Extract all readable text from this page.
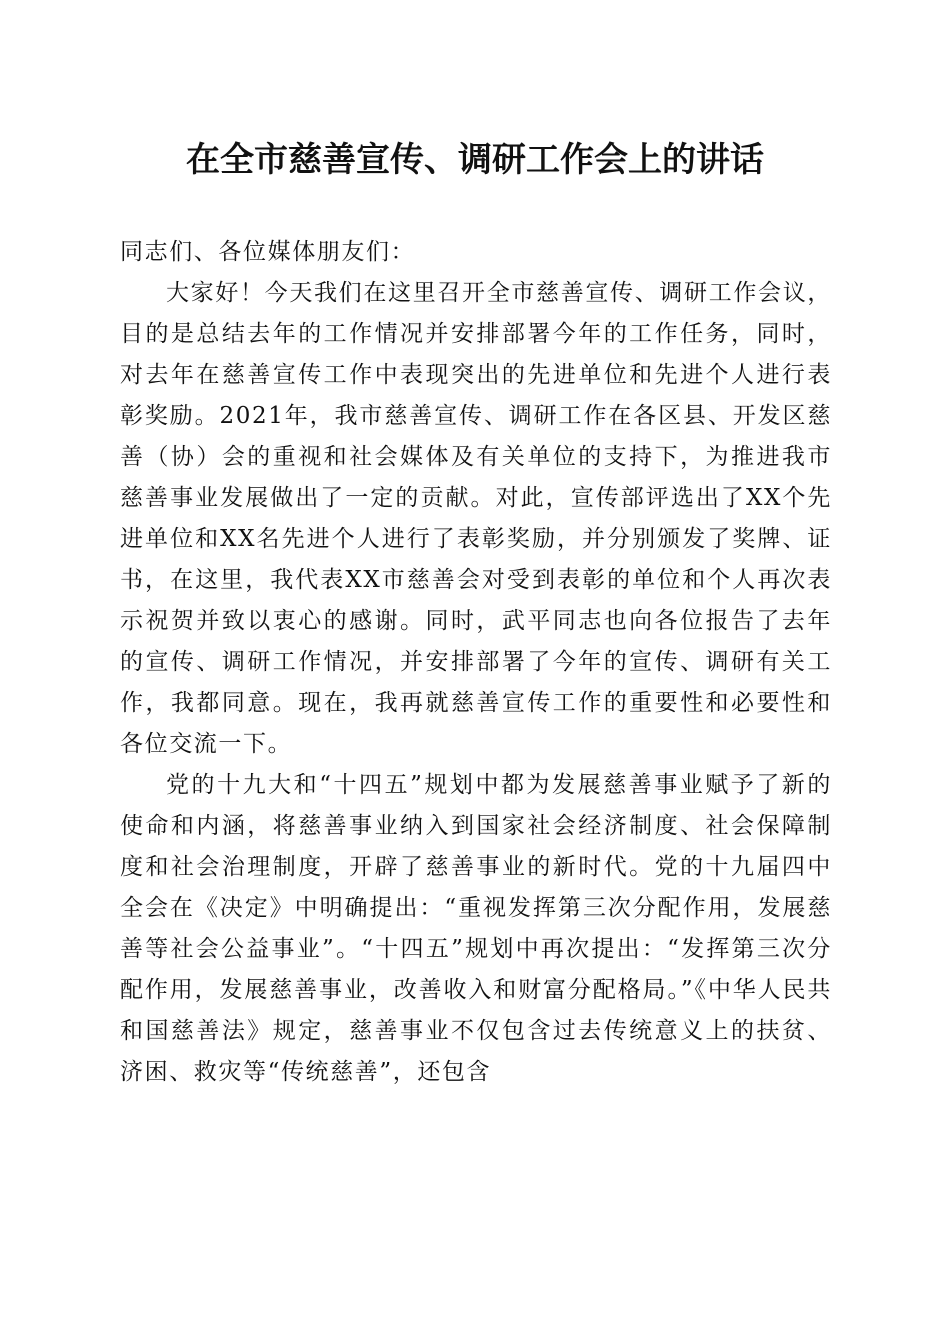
在全市慈善宣传、调研工作会上的讲话

同志们、各位媒体朋友们：

大家好！今天我们在这里召开全市慈善宣传、调研工作会议，目的是总结去年的工作情况并安排部署今年的工作任务，同时，对去年在慈善宣传工作中表现突出的先进单位和先进个人进行表彰奖励。2021年，我市慈善宣传、调研工作在各区县、开发区慈善（协）会的重视和社会媒体及有关单位的支持下，为推进我市慈善事业发展做出了一定的贡献。对此，宣传部评选出了XX个先进单位和XX名先进个人进行了表彰奖励，并分别颁发了奖牌、证书，在这里，我代表XX市慈善会对受到表彰的单位和个人再次表示祝贺并致以衷心的感谢。同时，武平同志也向各位报告了去年的宣传、调研工作情况，并安排部署了今年的宣传、调研有关工作，我都同意。现在，我再就慈善宣传工作的重要性和必要性和各位交流一下。

党的十九大和“十四五”规划中都为发展慈善事业赋予了新的使命和内涵，将慈善事业纳入到国家社会经济制度、社会保障制度和社会治理制度，开辟了慈善事业的新时代。党的十九届四中全会在《决定》中明确提出：“重视发挥第三次分配作用，发展慈善等社会公益事业”。“十四五”规划中再次提出：“发挥第三次分配作用，发展慈善事业，改善收入和财富分配格局。”《中华人民共和国慈善法》规定，慈善事业不仅包含过去传统意义上的扶贫、济困、救灾等“传统慈善”，还包含
